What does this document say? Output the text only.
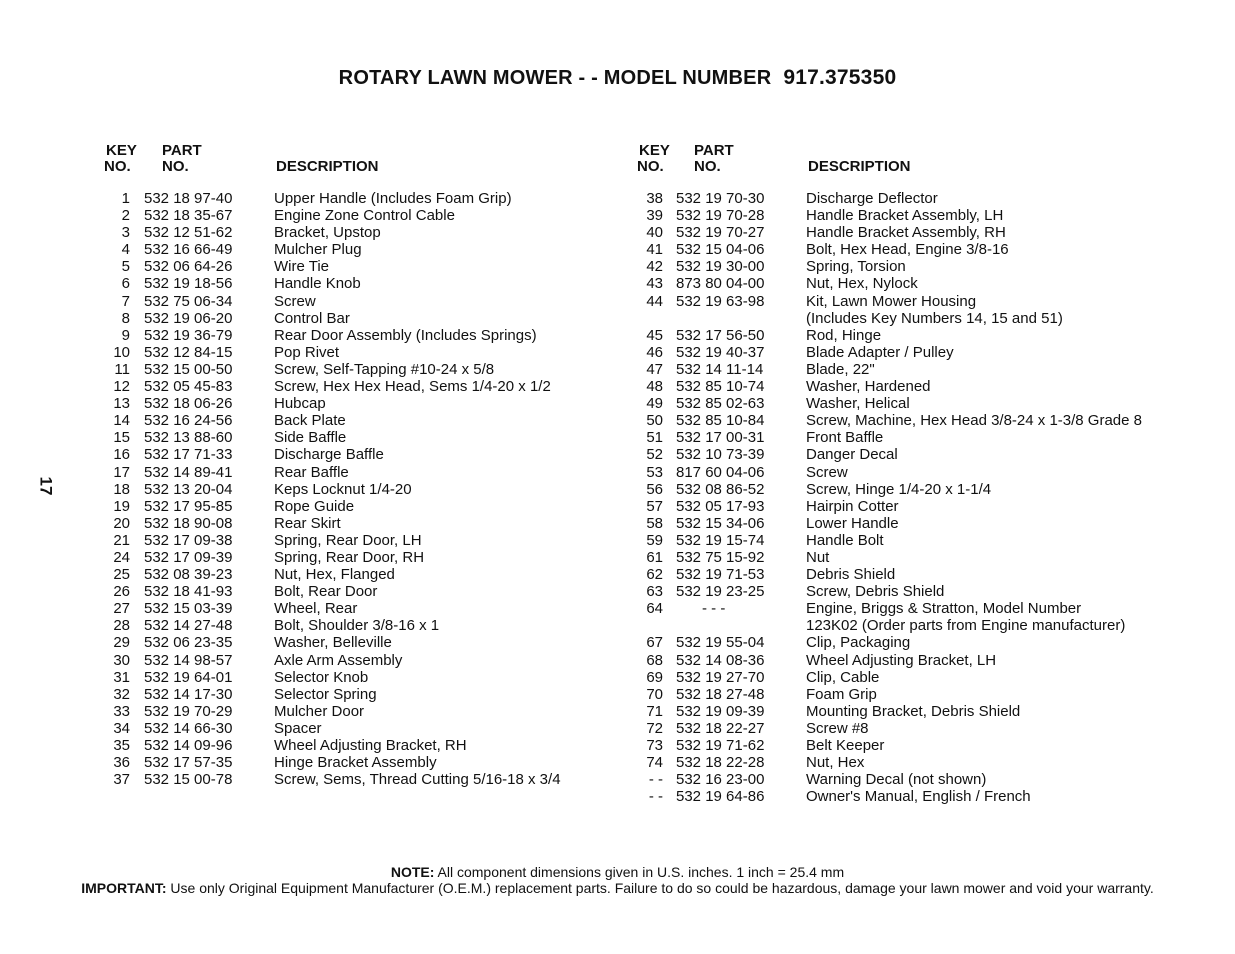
ROTARY LAWN MOWER - - MODEL NUMBER 917.375350
17
KEY
NO.
PART
NO.	DESCRIPTION
1 532 18 97-40	Upper Handle (Includes Foam Grip)
2 532 18 35-67	Engine Zone Control Cable
3 532 12 51-62	Bracket, Upstop
4 532 16 66-49	Mulcher Plug
5 532 06 64-26	Wire Tie
6 532 19 18-56	Handle Knob
7 532 75 06-34	Screw
8 532 19 06-20	Control Bar
9 532 19 36-79	Rear Door Assembly (Includes Springs)
10 532 12 84-15	Pop Rivet
11 532 15 00-50	Screw, Self-Tapping #10-24 x 5/8
12 532 05 45-83	Screw, Hex Hex Head, Sems 1/4-20 x 1/2
13 532 18 06-26	Hubcap
14 532 16 24-56	Back Plate
15 532 13 88-60	Side Baffle
16 532 17 71-33	Discharge Baffle
17 532 14 89-41	Rear Baffle
18 532 13 20-04	Keps Locknut 1/4-20
19 532 17 95-85	Rope Guide
20 532 18 90-08	Rear Skirt
21 532 17 09-38	Spring, Rear Door, LH
24 532 17 09-39	Spring, Rear Door, RH
25 532 08 39-23	Nut, Hex, Flanged
26 532 18 41-93	Bolt, Rear Door
27 532 15 03-39	Wheel, Rear
28 532 14 27-48	Bolt, Shoulder 3/8-16 x 1
29 532 06 23-35	Washer, Belleville
30 532 14 98-57	Axle Arm Assembly
31 532 19 64-01	Selector Knob
32 532 14 17-30	Selector Spring
33 532 19 70-29	Mulcher Door
34 532 14 66-30	Spacer
35 532 14 09-96	Wheel Adjusting Bracket, RH
36 532 17 57-35	Hinge Bracket Assembly
37 532 15 00-78	Screw, Sems, Thread Cutting 5/16-18 x 3/4
KEY
NO.
PART
NO.	DESCRIPTION
38 532 19 70-30	Discharge Deflector
39 532 19 70-28	Handle Bracket Assembly, LH
40 532 19 70-27	Handle Bracket Assembly, RH
41 532 15 04-06	Bolt, Hex Head, Engine 3/8-16
42 532 19 30-00	Spring, Torsion
43 873 80 04-00	Nut, Hex, Nylock
44 532 19 63-98	Kit, Lawn Mower Housing
(Includes Key Numbers 14, 15 and 51)
45 532 17 56-50	Rod, Hinge
46 532 19 40-37	Blade Adapter / Pulley
47 532 14 11-14	Blade, 22"
48 532 85 10-74	Washer, Hardened
49 532 85 02-63	Washer, Helical
50 532 85 10-84	Screw, Machine, Hex Head 3/8-24 x 1-3/8 Grade 8
51 532 17 00-31	Front Baffle
52 532 10 73-39	Danger Decal
53 817 60 04-06	Screw
56 532 08 86-52	Screw, Hinge 1/4-20 x 1-1/4
57 532 05 17-93	Hairpin Cotter
58 532 15 34-06	Lower Handle
59 532 19 15-74	Handle Bolt
61 532 75 15-92	Nut
62 532 19 71-53	Debris Shield
63 532 19 23-25	Screw, Debris Shield
64	- - -	Engine, Briggs & Stratton, Model Number
123K02 (Order parts from Engine manufacturer)
67 532 19 55-04	Clip, Packaging
68 532 14 08-36	Wheel Adjusting Bracket, LH
69 532 19 27-70	Clip, Cable
70 532 18 27-48	Foam Grip
71 532 19 09-39	Mounting Bracket, Debris Shield
72 532 18 22-27	Screw #8
73 532 19 71-62	Belt Keeper
74 532 18 22-28	Nut, Hex
- - 532 16 23-00	Warning Decal (not shown)
- - 532 19 64-86	Owner's Manual, English / French
NOTE: All component dimensions given in U.S. inches. 1 inch = 25.4 mm
IMPORTANT: Use only Original Equipment Manufacturer (O.E.M.) replacement parts. Failure to do so could be hazardous, damage your lawn mower and void your warranty.
